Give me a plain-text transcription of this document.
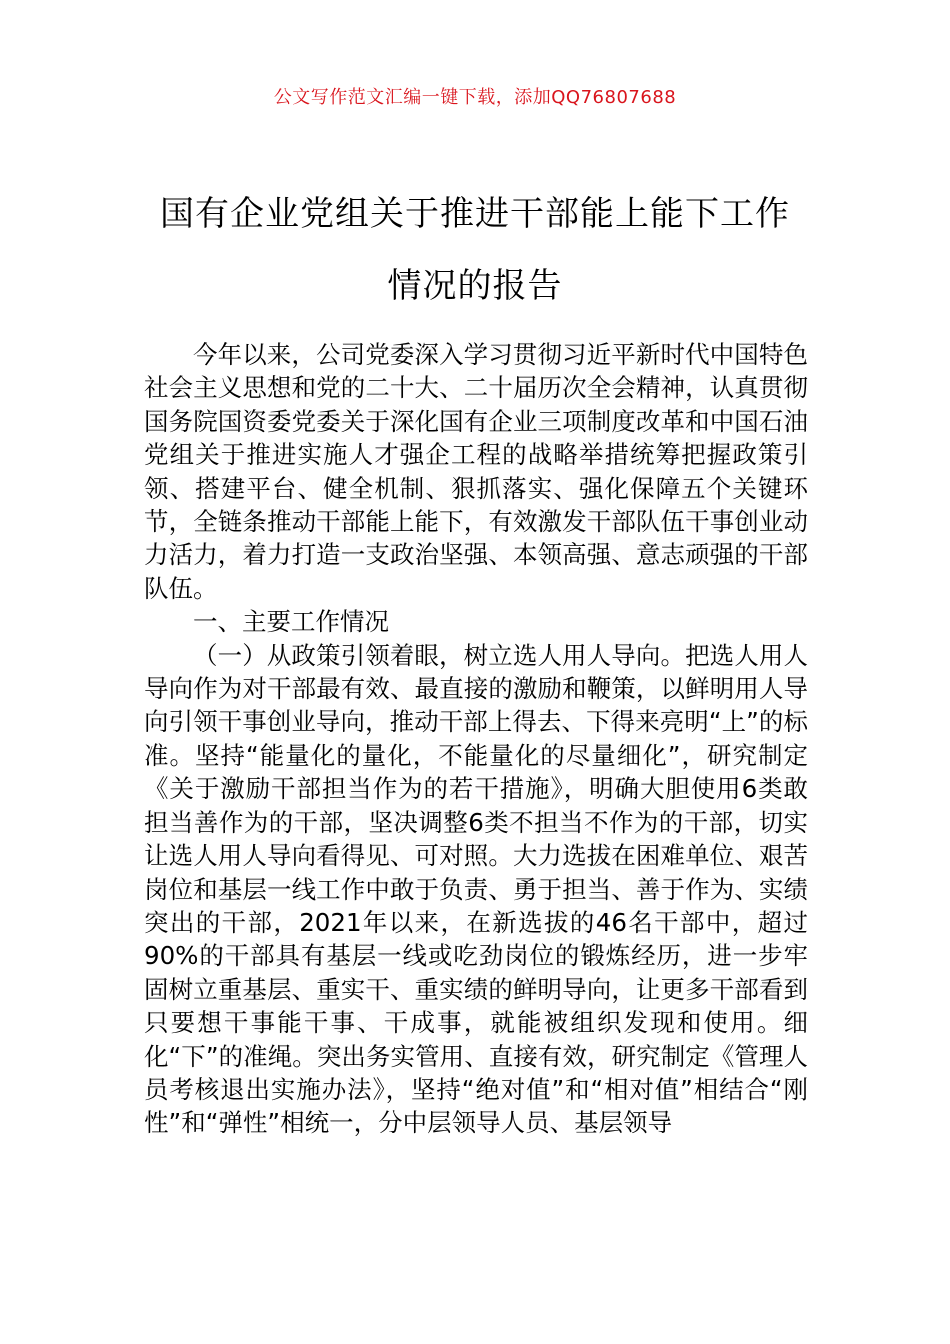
公文写作范文汇编一键下载，添加QQ76807688
国有企业党组关于推进干部能上能下工作
情况的报告

今年以来，公司党委深入学习贯彻习近平新时代中国特色社会主义思想和党的二十大、二十届历次全会精神，认真贯彻国务院国资委党委关于深化国有企业三项制度改革和中国石油党组关于推进实施人才强企工程的战略举措统筹把握政策引领、搭建平台、健全机制、狠抓落实、强化保障五个关键环节，全链条推动干部能上能下，有效激发干部队伍干事创业动力活力，着力打造一支政治坚强、本领高强、意志顽强的干部队伍。

一、主要工作情况

（一）从政策引领着眼，树立选人用人导向。把选人用人导向作为对干部最有效、最直接的激励和鞭策，以鲜明用人导向引领干事创业导向，推动干部上得去、下得来亮明“上”的标准。坚持“能量化的量化，不能量化的尽量细化”，研究制定《关于激励干部担当作为的若干措施》，明确大胆使用6类敢担当善作为的干部，坚决调整6类不担当不作为的干部，切实让选人用人导向看得见、可对照。大力选拔在困难单位、艰苦岗位和基层一线工作中敢于负责、勇于担当、善于作为、实绩突出的干部，2021年以来，在新选拔的46名干部中，超过90%的干部具有基层一线或吃劲岗位的锻炼经历，进一步牢固树立重基层、重实干、重实绩的鲜明导向，让更多干部看到只要想干事能干事、干成事，就能被组织发现和使用。细化“下”的准绳。突出务实管用、直接有效，研究制定《管理人员考核退出实施办法》，坚持“绝对值”和“相对值”相结合“刚性”和“弹性”相统一，分中层领导人员、基层领导
